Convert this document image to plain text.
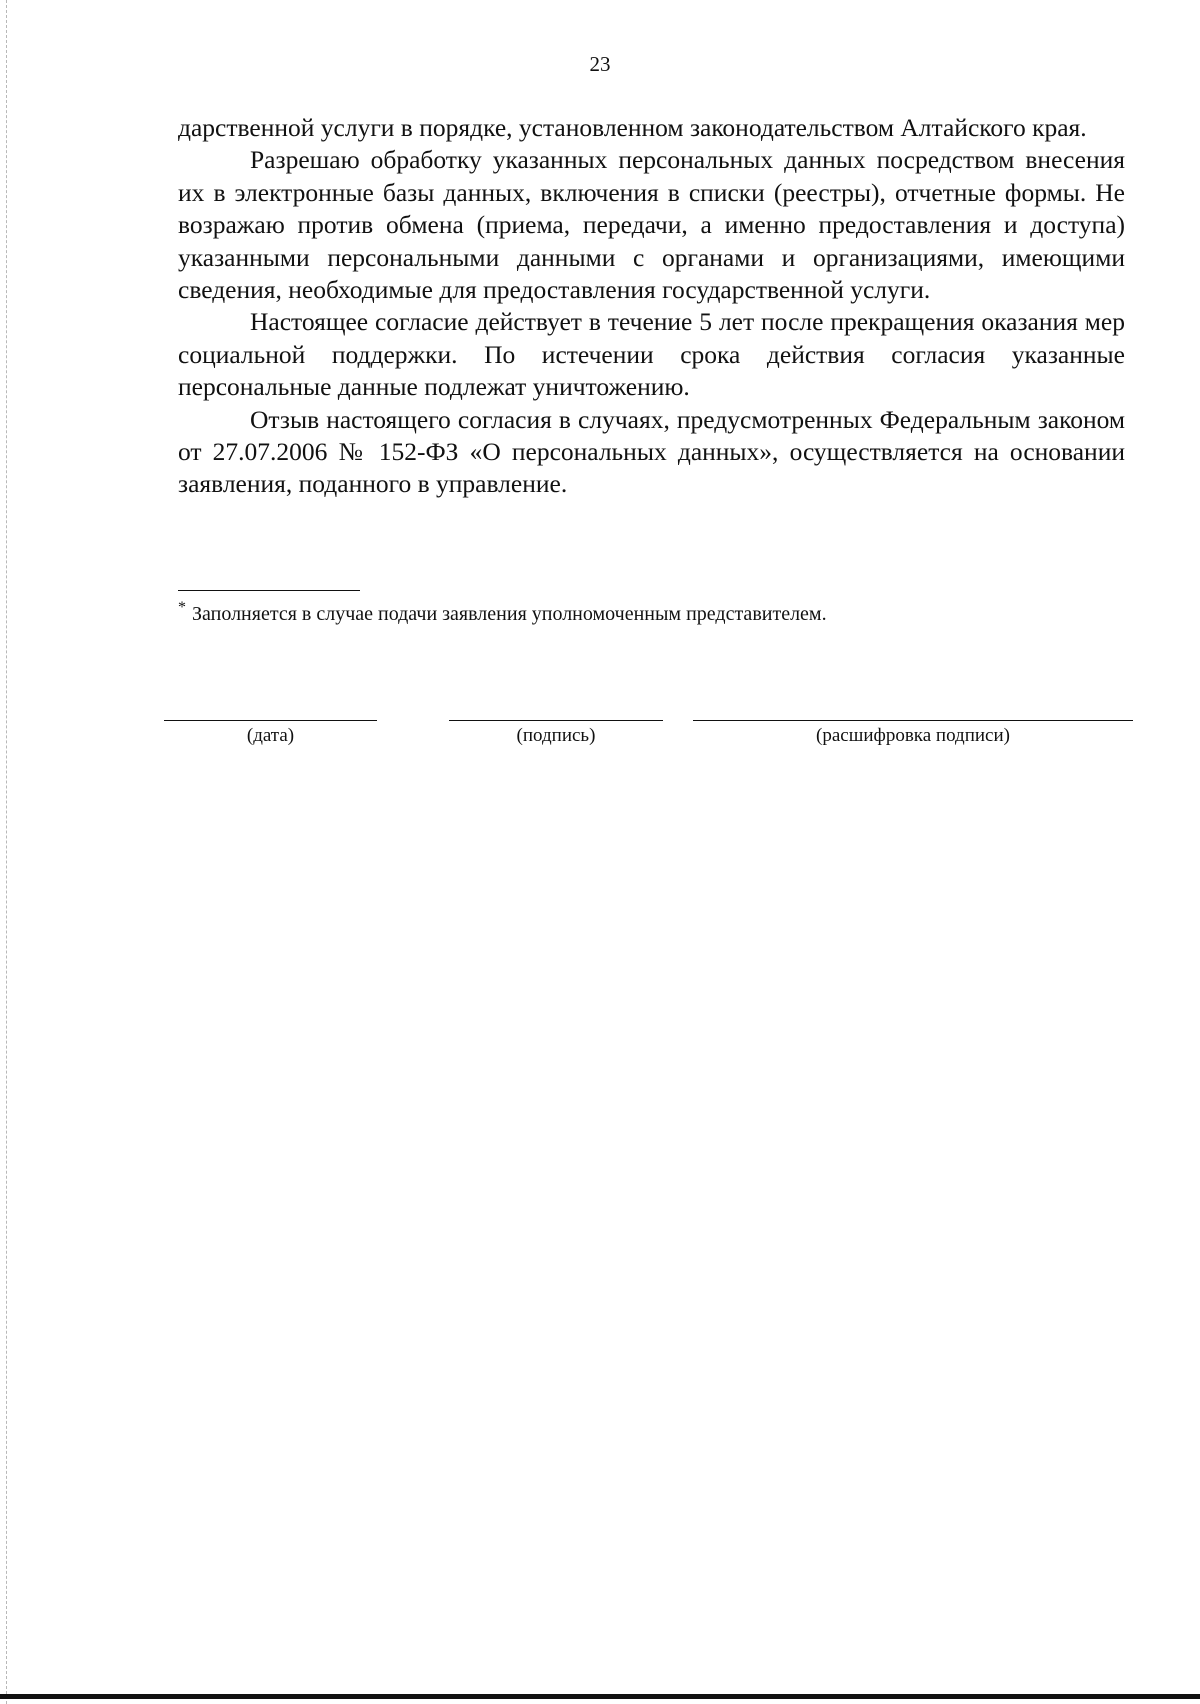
23

дарственной услуги в порядке, установленном законодательством Алтайского края.

Разрешаю обработку указанных персональных данных посредством внесения их в электронные базы данных, включения в списки (реестры), отчетные формы. Не возражаю против обмена (приема, передачи, а именно предоставления и доступа) указанными персональными данными с органами и организациями, имеющими сведения, необходимые для предоставления государственной услуги.

Настоящее согласие действует в течение 5 лет после прекращения оказания мер социальной поддержки. По истечении срока действия согласия указанные персональные данные подлежат уничтожению.

Отзыв настоящего согласия в случаях, предусмотренных Федеральным законом от 27.07.2006 № 152-ФЗ «О персональных данных», осуществляется на основании заявления, поданного в управление.

* Заполняется в случае подачи заявления уполномоченным представителем.
(дата)	(подпись)	(расшифровка подписи)
